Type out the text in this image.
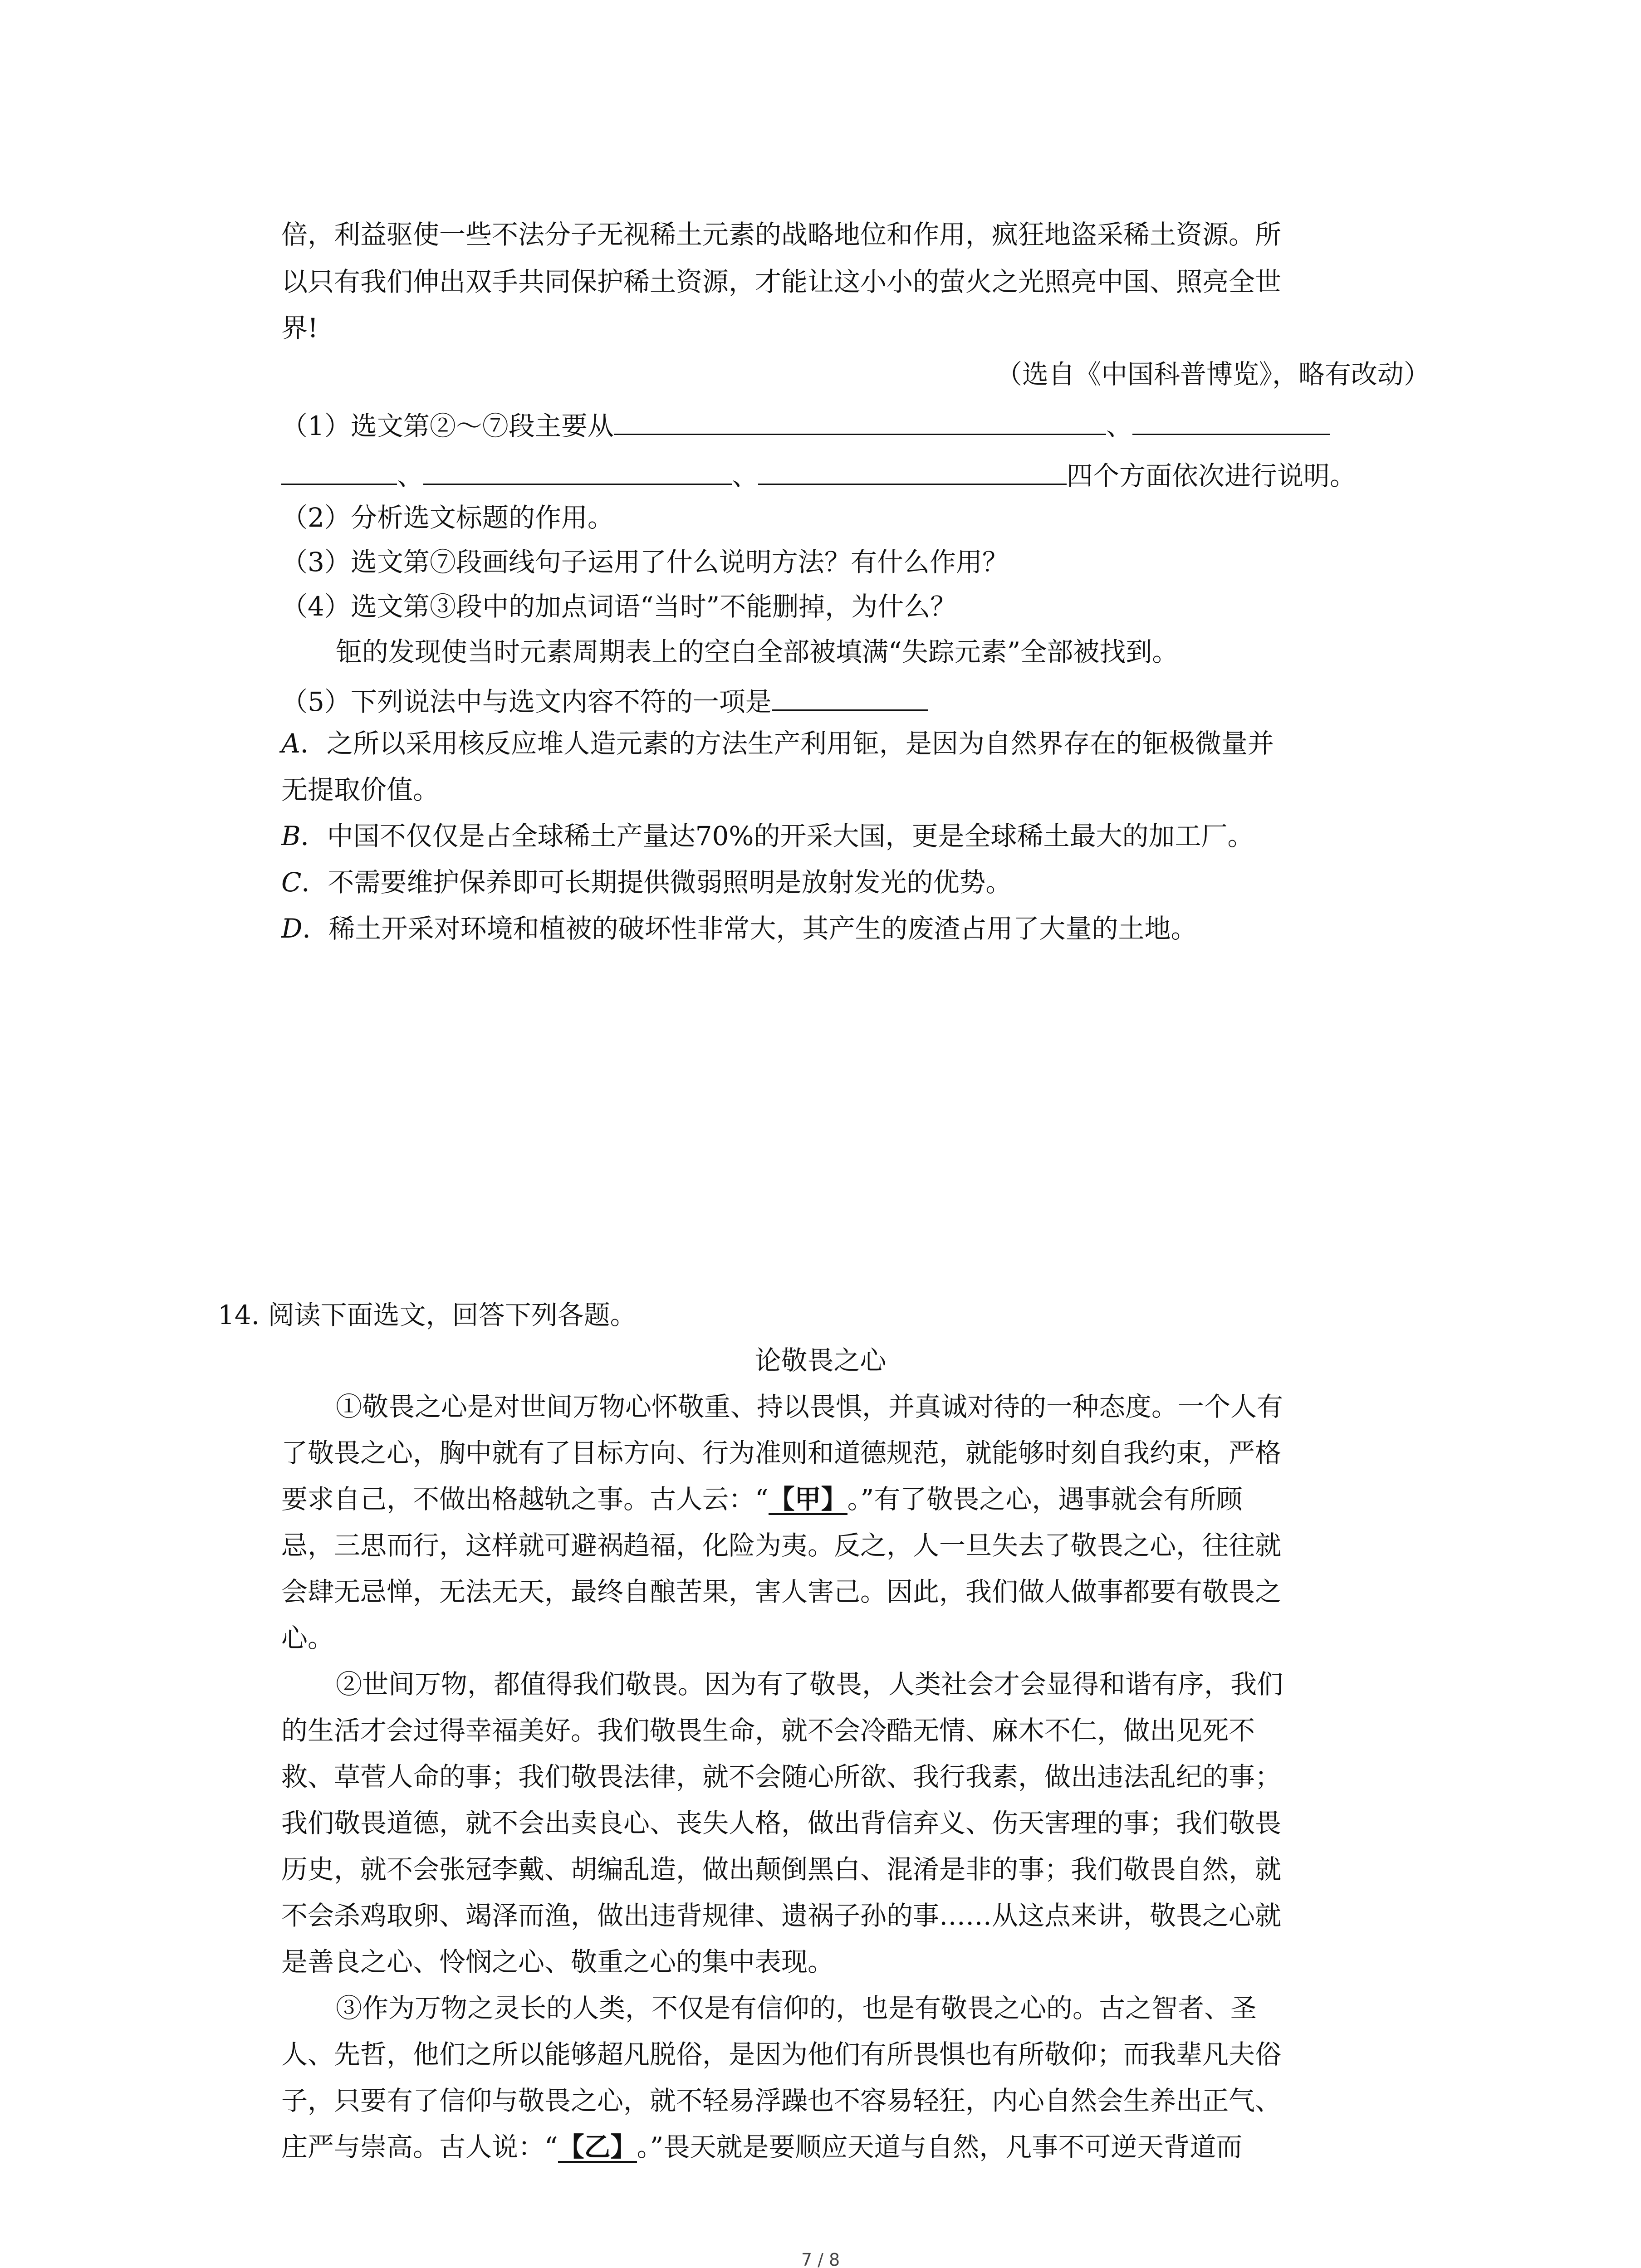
倍，利益驱使一些不法分子无视稀土元素的战略地位和作用，疯狂地盗采稀土资源。所
以只有我们伸出双手共同保护稀土资源，才能让这小小的萤火之光照亮中国、照亮全世
界!
（选自《中国科普博览》，略有改动）
（1）选文第②～⑦段主要从	、
、	、	四个方面依次进行说明。
（2）分析选文标题的作用。
（3）选文第⑦段画线句子运用了什么说明方法？有什么作用？
（4）选文第③段中的加点词语“当时”不能删掉，为什么？
钷的发现使当时元素周期表上的空白全部被填满“失踪元素”全部被找到。
（5）下列说法中与选文内容不符的一项是
A．之所以采用核反应堆人造元素的方法生产利用钷，是因为自然界存在的钷极微量并
无提取价值。
B．中国不仅仅是占全球稀土产量达70%的开采大国，更是全球稀土最大的加工厂。
C．不需要维护保养即可长期提供微弱照明是放射发光的优势。
D．稀土开采对环境和植被的破坏性非常大，其产生的废渣占用了大量的土地。
14. 阅读下面选文，回答下列各题。
论敬畏之心
①敬畏之心是对世间万物心怀敬重、持以畏惧，并真诚对待的一种态度。一个人有
了敬畏之心，胸中就有了目标方向、行为准则和道德规范，就能够时刻自我约束，严格
要求自己，不做出格越轨之事。古人云：“【甲】。”有了敬畏之心，遇事就会有所顾
忌，三思而行，这样就可避祸趋福，化险为夷。反之，人一旦失去了敬畏之心，往往就
会肆无忌惮，无法无天，最终自酿苦果，害人害己。因此，我们做人做事都要有敬畏之
心。
②世间万物，都值得我们敬畏。因为有了敬畏，人类社会才会显得和谐有序，我们
的生活才会过得幸福美好。我们敬畏生命，就不会冷酷无情、麻木不仁，做出见死不
救、草菅人命的事；我们敬畏法律，就不会随心所欲、我行我素，做出违法乱纪的事；
我们敬畏道德，就不会出卖良心、丧失人格，做出背信弃义、伤天害理的事；我们敬畏
历史，就不会张冠李戴、胡编乱造，做出颠倒黑白、混淆是非的事；我们敬畏自然，就
不会杀鸡取卵、竭泽而渔，做出违背规律、遗祸子孙的事……从这点来讲，敬畏之心就
是善良之心、怜悯之心、敬重之心的集中表现。
③作为万物之灵长的人类，不仅是有信仰的，也是有敬畏之心的。古之智者、圣
人、先哲，他们之所以能够超凡脱俗，是因为他们有所畏惧也有所敬仰；而我辈凡夫俗
子，只要有了信仰与敬畏之心，就不轻易浮躁也不容易轻狂，内心自然会生养出正气、
庄严与崇高。古人说：“【乙】。”畏天就是要顺应天道与自然，凡事不可逆天背道而
7 / 8
